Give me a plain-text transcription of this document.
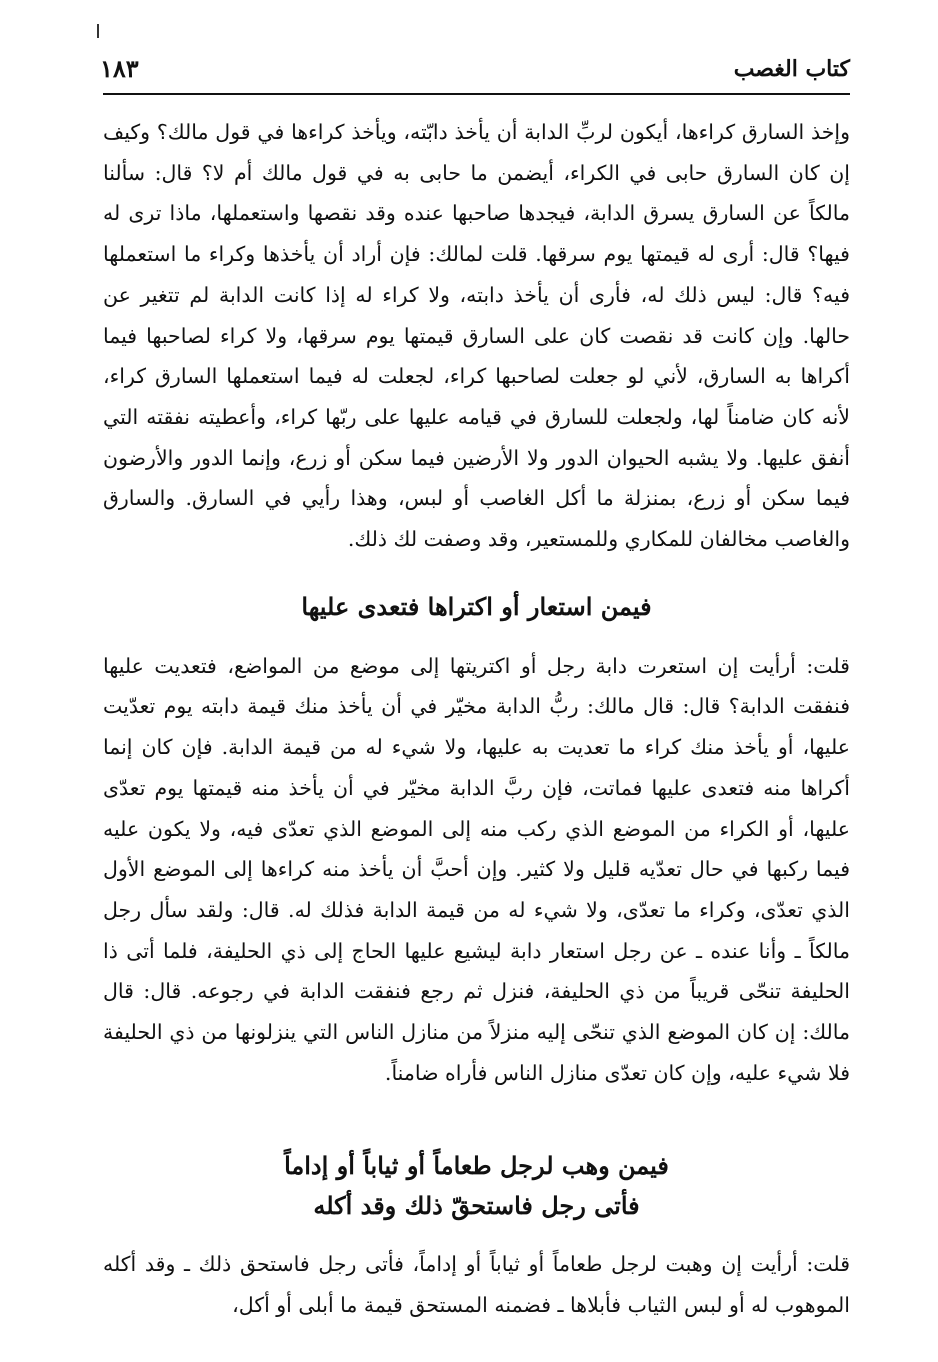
كتاب الغصب
١٨٣

وإخذ السارق كراءها، أيكون لربِّ الدابة أن يأخذ دابّته، ويأخذ كراءها في قول مالك؟ وكيف إن كان السارق حابى في الكراء، أيضمن ما حابى به في قول مالك أم لا؟ قال: سألنا مالكاً عن السارق يسرق الدابة، فيجدها صاحبها عنده وقد نقصها واستعملها، ماذا ترى له فيها؟ قال: أرى له قيمتها يوم سرقها. قلت لمالك: فإن أراد أن يأخذها وكراء ما استعملها فيه؟ قال: ليس ذلك له، فأرى أن يأخذ دابته، ولا كراء له إذا كانت الدابة لم تتغير عن حالها. وإن كانت قد نقصت كان على السارق قيمتها يوم سرقها، ولا كراء لصاحبها فيما أكراها به السارق، لأني لو جعلت لصاحبها كراء، لجعلت له فيما استعملها السارق كراء، لأنه كان ضامناً لها، ولجعلت للسارق في قيامه عليها على ربّها كراء، وأعطيته نفقته التي أنفق عليها. ولا يشبه الحيوان الدور ولا الأرضين فيما سكن أو زرع، وإنما الدور والأرضون فيما سكن أو زرع، بمنزلة ما أكل الغاصب أو لبس، وهذا رأيي في السارق. والسارق والغاصب مخالفان للمكاري وللمستعير، وقد وصفت لك ذلك.

فيمن استعار أو اكتراها فتعدى عليها

قلت: أرأيت إن استعرت دابة رجل أو اكتريتها إلى موضع من المواضع، فتعديت عليها فنفقت الدابة؟ قال: قال مالك: ربُّ الدابة مخيّر في أن يأخذ منك قيمة دابته يوم تعدّيت عليها، أو يأخذ منك كراء ما تعديت به عليها، ولا شيء له من قيمة الدابة. فإن كان إنما أكراها منه فتعدى عليها فماتت، فإن ربَّ الدابة مخيّر في أن يأخذ منه قيمتها يوم تعدّى عليها، أو الكراء من الموضع الذي ركب منه إلى الموضع الذي تعدّى فيه، ولا يكون عليه فيما ركبها في حال تعدّيه قليل ولا كثير. وإن أحبَّ أن يأخذ منه كراءها إلى الموضع الأول الذي تعدّى، وكراء ما تعدّى، ولا شيء له من قيمة الدابة فذلك له. قال: ولقد سأل رجل مالكاً ـ وأنا عنده ـ عن رجل استعار دابة ليشيع عليها الحاج إلى ذي الحليفة، فلما أتى ذا الحليفة تنحّى قريباً من ذي الحليفة، فنزل ثم رجع فنفقت الدابة في رجوعه. قال: قال مالك: إن كان الموضع الذي تنحّى إليه منزلاً من منازل الناس التي ينزلونها من ذي الحليفة فلا شيء عليه، وإن كان تعدّى منازل الناس فأراه ضامناً.

فيمن وهب لرجل طعاماً أو ثياباً أو إداماً
فأتى رجل فاستحقّ ذلك وقد أكله

قلت: أرأيت إن وهبت لرجل طعاماً أو ثياباً أو إداماً، فأتى رجل فاستحق ذلك ـ وقد أكله الموهوب له أو لبس الثياب فأبلاها ـ فضمنه المستحق قيمة ما أبلى أو أكل،
